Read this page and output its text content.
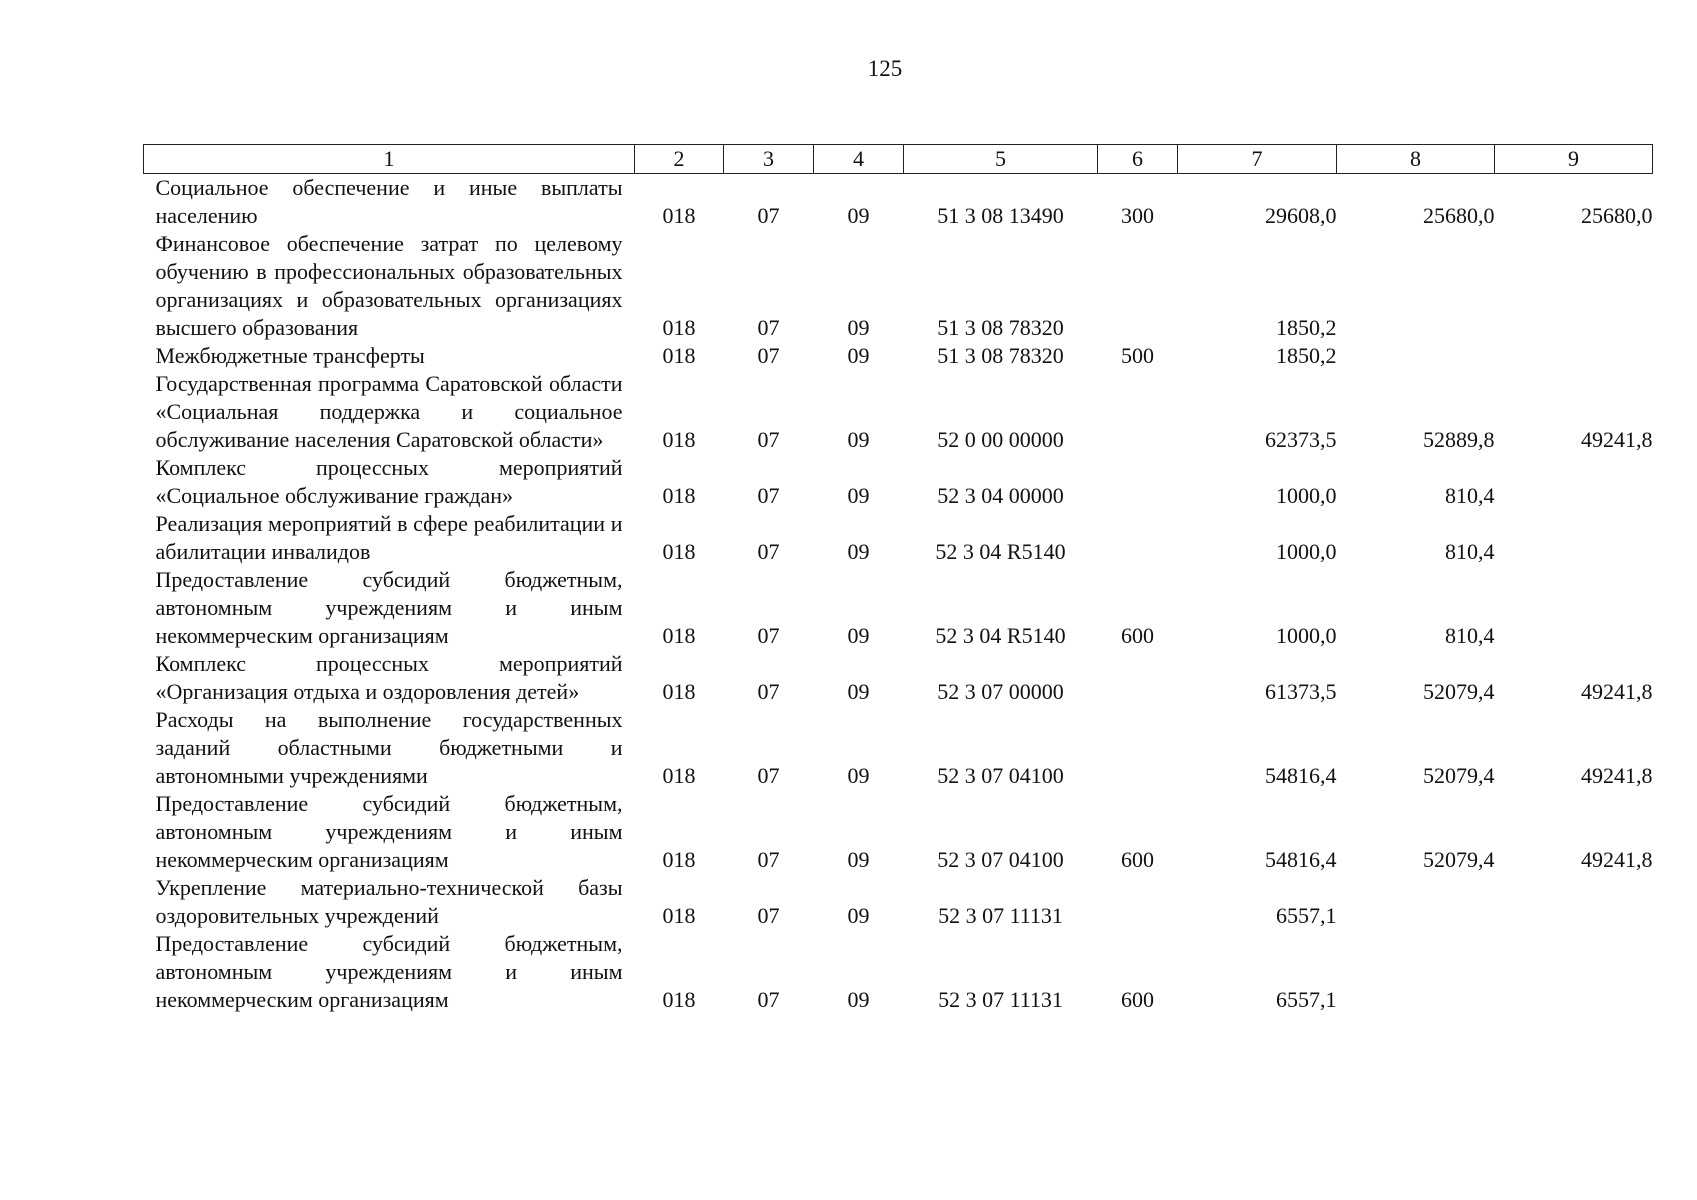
125
1	2	3	4	5	6	7	8	9
Социальное обеспечение и иные выплаты населению	018	07	09	51 3 08 13490	300	29608,0	25680,0	25680,0
Финансовое обеспечение затрат по целевому обучению в профессиональных образовательных организациях и образовательных организациях высшего образования	018	07	09	51 3 08 78320		1850,2		
Межбюджетные трансферты	018	07	09	51 3 08 78320	500	1850,2		
Государственная программа Саратовской области «Социальная поддержка и социальное обслуживание населения Саратовской области»	018	07	09	52 0 00 00000		62373,5	52889,8	49241,8
Комплекс процессных мероприятий «Социальное обслуживание граждан»	018	07	09	52 3 04 00000		1000,0	810,4	
Реализация мероприятий в сфере реабилитации и абилитации инвалидов	018	07	09	52 3 04 R5140		1000,0	810,4	
Предоставление субсидий бюджетным, автономным учреждениям и иным некоммерческим организациям	018	07	09	52 3 04 R5140	600	1000,0	810,4	
Комплекс процессных мероприятий «Организация отдыха и оздоровления детей»	018	07	09	52 3 07 00000		61373,5	52079,4	49241,8
Расходы на выполнение государственных заданий областными бюджетными и автономными учреждениями	018	07	09	52 3 07 04100		54816,4	52079,4	49241,8
Предоставление субсидий бюджетным, автономным учреждениям и иным некоммерческим организациям	018	07	09	52 3 07 04100	600	54816,4	52079,4	49241,8
Укрепление материально-технической базы оздоровительных учреждений	018	07	09	52 3 07 11131		6557,1		
Предоставление субсидий бюджетным, автономным учреждениям и иным некоммерческим организациям	018	07	09	52 3 07 11131	600	6557,1		
